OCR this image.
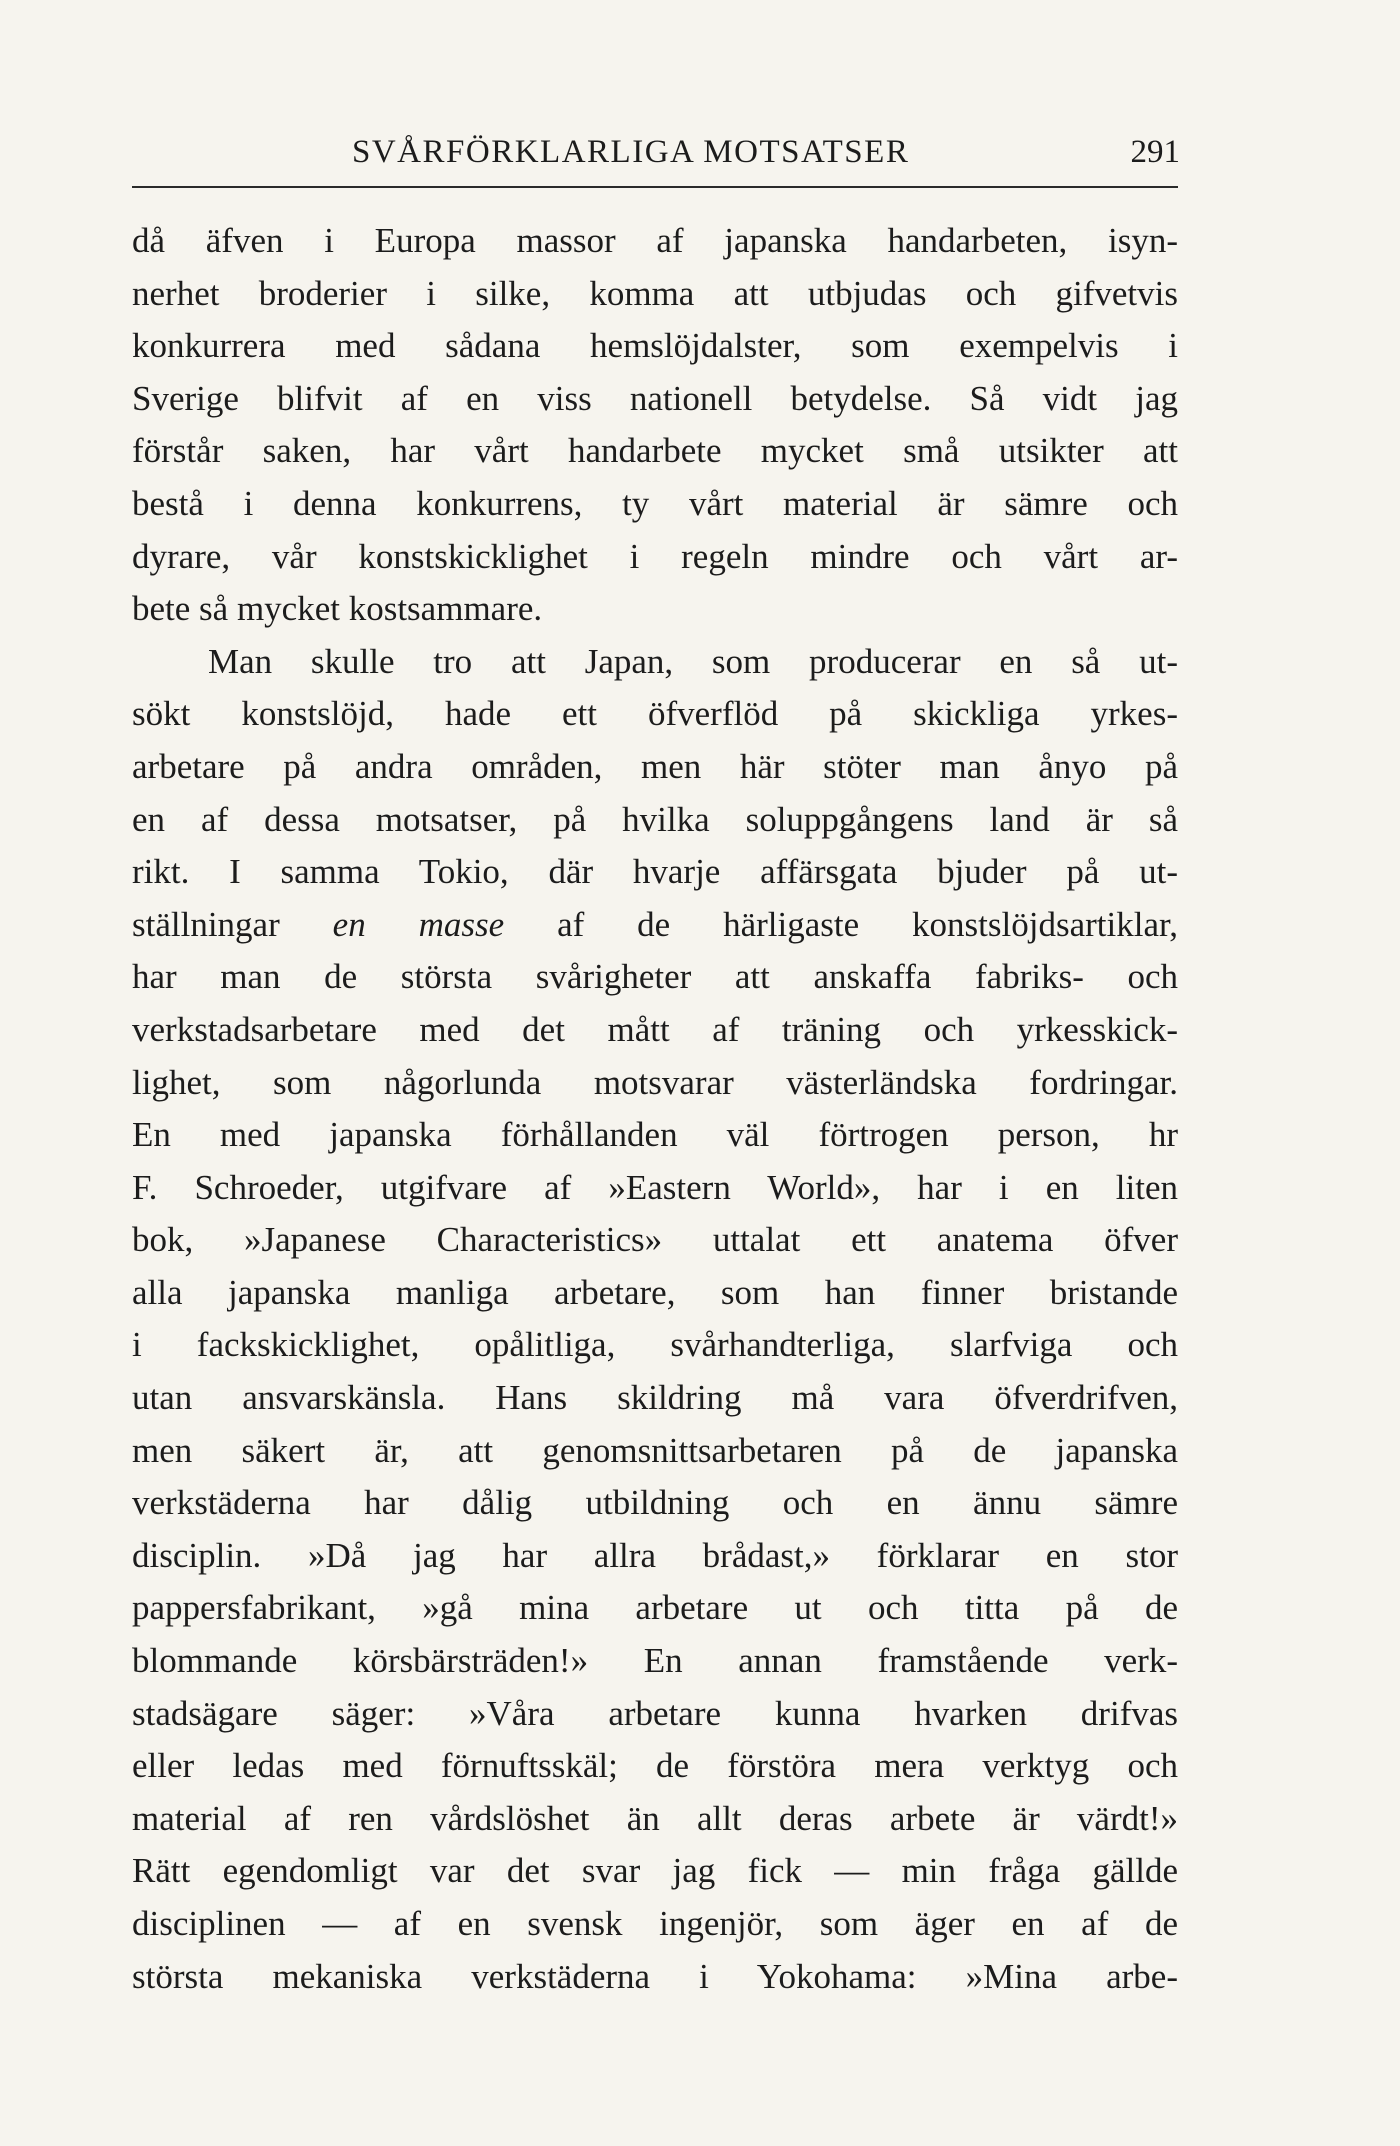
SVÅRFÖRKLARLIGA MOTSATSER	291
då äfven i Europa massor af japanska handarbeten, isyn-
nerhet broderier i silke, komma att utbjudas och gifvetvis
konkurrera med sådana hemslöjdalster, som exempelvis i
Sverige blifvit af en viss nationell betydelse. Så vidt jag
förstår saken, har vårt handarbete mycket små utsikter att
bestå i denna konkurrens, ty vårt material är sämre och
dyrare, vår konstskicklighet i regeln mindre och vårt ar-
bete så mycket kostsammare.
Man skulle tro att Japan, som producerar en så ut-
sökt konstslöjd, hade ett öfverflöd på skickliga yrkes-
arbetare på andra områden, men här stöter man ånyo på
en af dessa motsatser, på hvilka soluppgångens land är så
rikt. I samma Tokio, där hvarje affärsgata bjuder på ut-
ställningar en masse af de härligaste konstslöjdsartiklar,
har man de största svårigheter att anskaffa fabriks- och
verkstadsarbetare med det mått af träning och yrkesskick-
lighet, som någorlunda motsvarar västerländska fordringar.
En med japanska förhållanden väl förtrogen person, hr
F. Schroeder, utgifvare af »Eastern World», har i en liten
bok, »Japanese Characteristics» uttalat ett anatema öfver
alla japanska manliga arbetare, som han finner bristande
i fackskicklighet, opålitliga, svårhandterliga, slarfviga och
utan ansvarskänsla. Hans skildring må vara öfverdrifven,
men säkert är, att genomsnittsarbetaren på de japanska
verkstäderna har dålig utbildning och en ännu sämre
disciplin. »Då jag har allra brådast,» förklarar en stor
pappersfabrikant, »gå mina arbetare ut och titta på de
blommande körsbärsträden!» En annan framstående verk-
stadsägare säger: »Våra arbetare kunna hvarken drifvas
eller ledas med förnuftsskäl; de förstöra mera verktyg och
material af ren vårdslöshet än allt deras arbete är värdt!»
Rätt egendomligt var det svar jag fick — min fråga gällde
disciplinen — af en svensk ingenjör, som äger en af de
största mekaniska verkstäderna i Yokohama: »Mina arbe-
